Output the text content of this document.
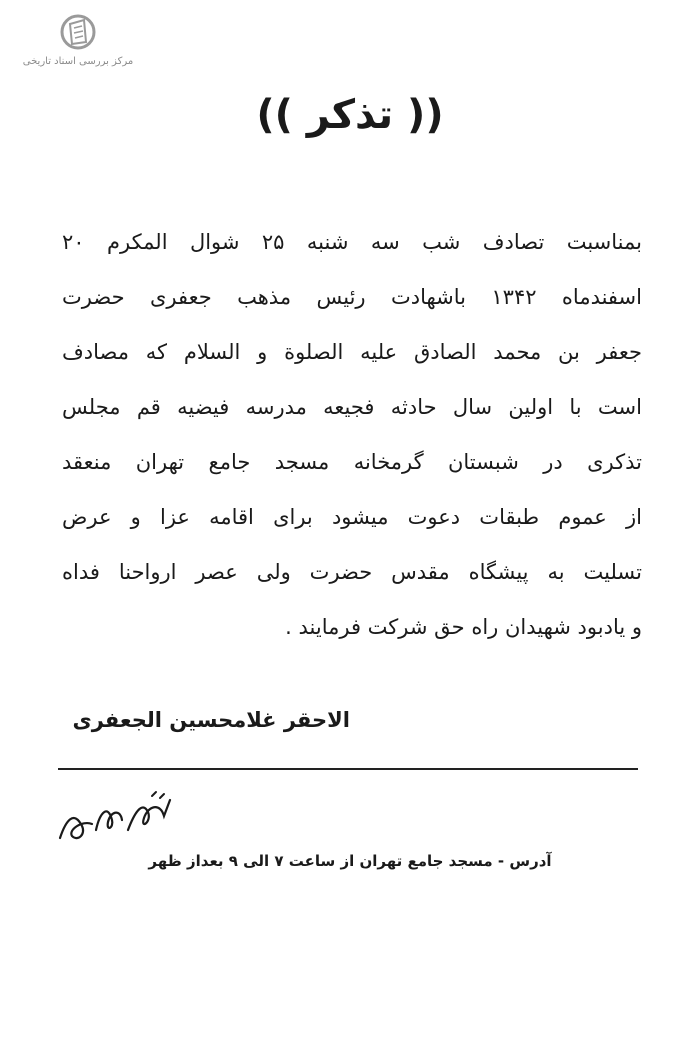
مرکز بررسی اسناد تاریخی
(( تذکر ))
بمناسبت تصادف شب سه شنبه ۲۵ شوال المکرم ۲۰
اسفندماه ۱۳۴۲ باشهادت رئیس مذهب جعفری حضرت
جعفر بن محمد الصادق علیه الصلوة و السلام که مصادف
است با اولین سال حادثه فجیعه مدرسه فیضیه قم مجلس
تذکری در شبستان گرمخانه مسجد جامع تهران منعقد
از عموم طبقات دعوت میشود برای اقامه عزا و عرض
تسلیت به پیشگاه مقدس حضرت ولی عصر ارواحنا فداه
و یادبود شهیدان راه حق شرکت فرمایند .
الاحقر غلامحسین الجعفری
آدرس - مسجد جامع تهران از ساعت ۷ الی ۹ بعداز ظهر
